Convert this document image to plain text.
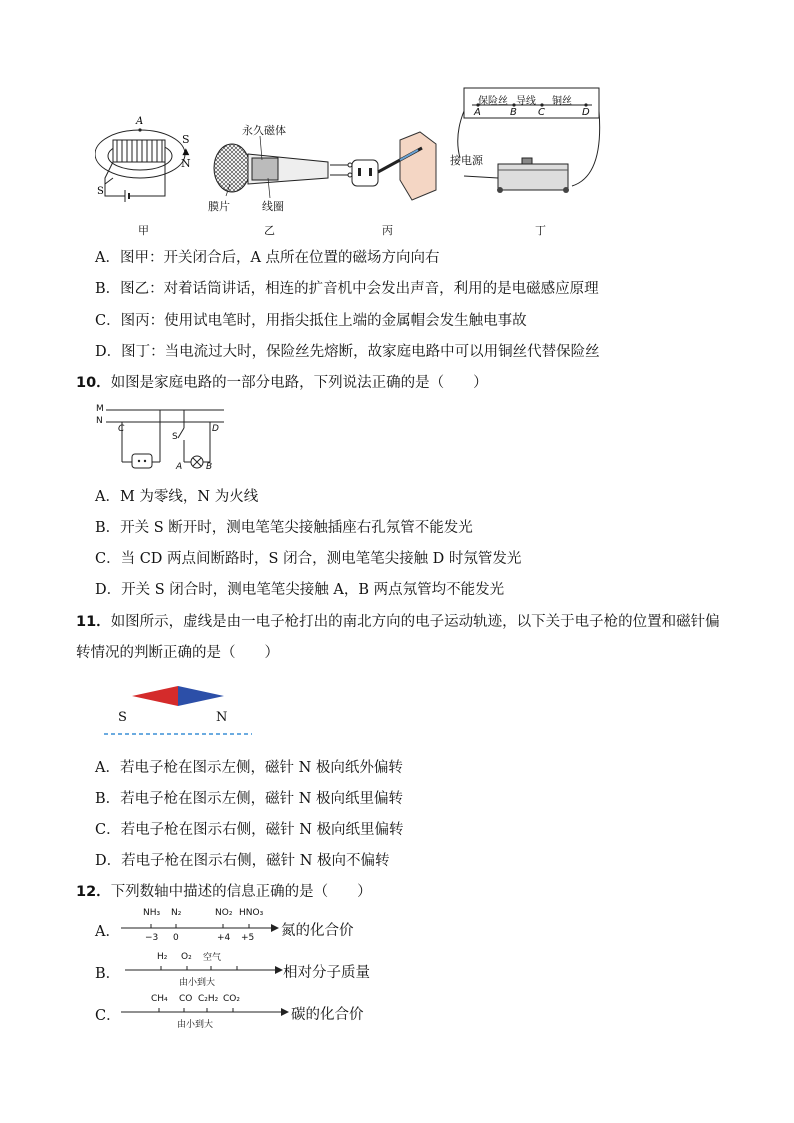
A
S
S
▲
N
永久磁体
膜片	线圈
保险丝 导线 铜丝
A	B C	D
接电源
甲	乙	丙	丁
A．图甲：开关闭合后，A 点所在位置的磁场方向向右
B．图乙：对着话筒讲话，相连的扩音机中会发出声音，利用的是电磁感应原理
C．图丙：使用试电笔时，用指尖抵住上端的金属帽会发生触电事故
D．图丁：当电流过大时，保险丝先熔断，故家庭电路中可以用铜丝代替保险丝
10．如图是家庭电路的一部分电路，下列说法正确的是（　　）
M
N
C	D
S
A	B
A．M 为零线，N 为火线
B．开关 S 断开时，测电笔笔尖接触插座右孔氖管不能发光
C．当 CD 两点间断路时，S 闭合，测电笔笔尖接触 D 时氖管发光
D．开关 S 闭合时，测电笔笔尖接触 A，B 两点氖管均不能发光
11．如图所示，虚线是由一电子枪打出的南北方向的电子运动轨迹，以下关于电子枪的位置和磁针偏
转情况的判断正确的是（　　）
S	N
A．若电子枪在图示左侧，磁针 N 极向纸外偏转
B．若电子枪在图示左侧，磁针 N 极向纸里偏转
C．若电子枪在图示右侧，磁针 N 极向纸里偏转
D．若电子枪在图示右侧，磁针 N 极向不偏转
12．下列数轴中描述的信息正确的是（　　）
A．
NH₃ N₂	NO₂ HNO₃
−3 0	+4 +5 氮的化合价
B．
H₂ O₂ 空气
由小到大
相对分子质量
C．
CH₄ CO C₂H₂ CO₂
由小到大
碳的化合价
